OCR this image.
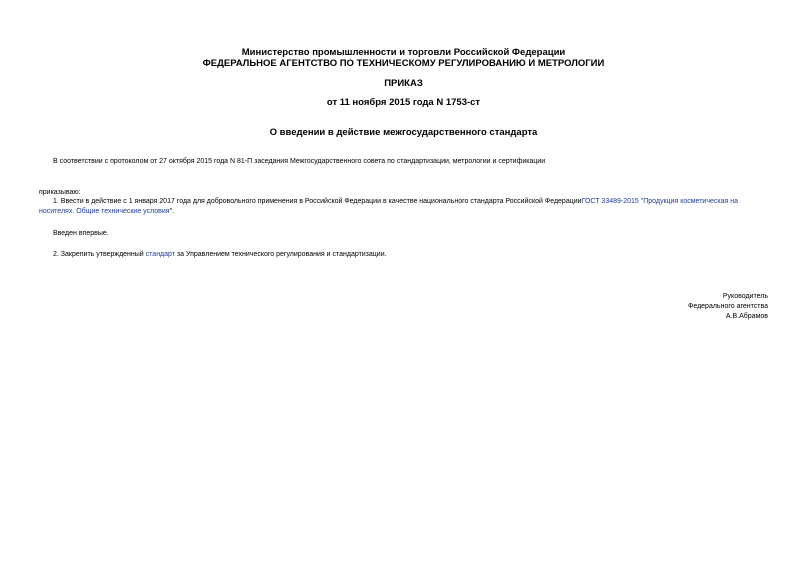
Министерство промышленности и торговли Российской Федерации
ФЕДЕРАЛЬНОЕ АГЕНТСТВО ПО ТЕХНИЧЕСКОМУ РЕГУЛИРОВАНИЮ И МЕТРОЛОГИИ
ПРИКАЗ
от 11 ноября 2015 года N 1753-ст
О введении в действие межгосударственного стандарта
В соответствии с протоколом от 27 октября 2015 года N 81-П заседания Межгосударственного совета по стандартизации, метрологии и сертификации
приказываю:
1. Ввести в действие с 1 января 2017 года для добровольного применения в Российской Федерации в качестве национального стандарта Российской ФедерацииГОСТ 33489-2015 "Продукция косметическая на
носителях. Общие технические условия".
Введен впервые.
2. Закрепить утвержденный стандарт за Управлением технического регулирования и стандартизации.
Руководитель
Федерального агентства
А.В.Абрамов
